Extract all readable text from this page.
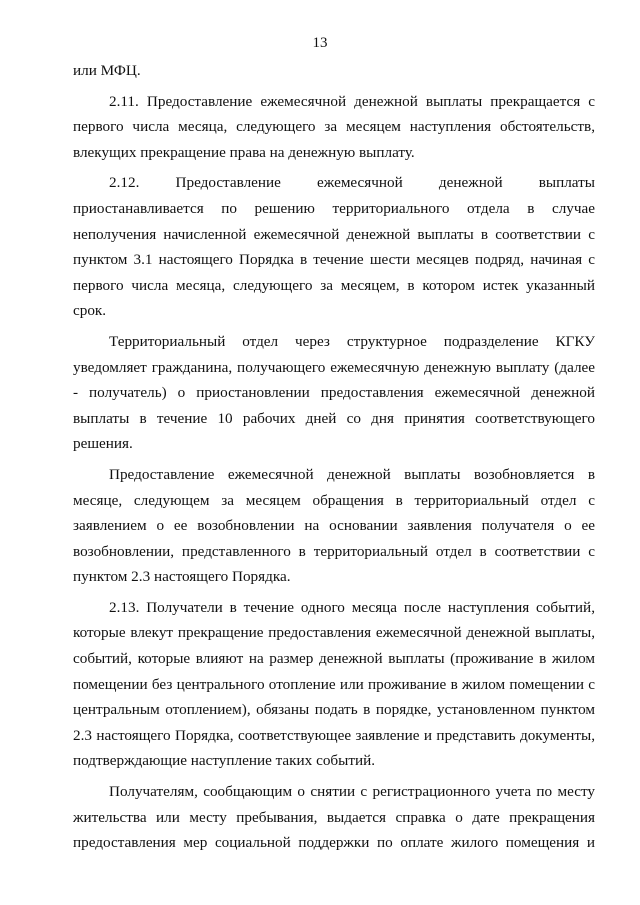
13

или МФЦ.

2.11. Предоставление ежемесячной денежной выплаты прекращается с первого числа месяца, следующего за месяцем наступления обстоятельств, влекущих прекращение права на денежную выплату.

2.12. Предоставление ежемесячной денежной выплаты приостанавливается по решению территориального отдела в случае неполучения начисленной ежемесячной денежной выплаты в соответствии с пунктом 3.1 настоящего Порядка в течение шести месяцев подряд, начиная с первого числа месяца, следующего за месяцем, в котором истек указанный срок.

Территориальный отдел через структурное подразделение КГКУ уведомляет гражданина, получающего ежемесячную денежную выплату (далее - получатель) о приостановлении предоставления ежемесячной денежной выплаты в течение 10 рабочих дней со дня принятия соответствующего решения.

Предоставление ежемесячной денежной выплаты возобновляется в месяце, следующем за месяцем обращения в территориальный отдел с заявлением о ее возобновлении на основании заявления получателя о ее возобновлении, представленного в территориальный отдел в соответствии с пунктом 2.3 настоящего Порядка.

2.13. Получатели в течение одного месяца после наступления событий, которые влекут прекращение предоставления ежемесячной денежной выплаты, событий, которые влияют на размер денежной выплаты (проживание в жилом помещении без центрального отопление или проживание в жилом помещении с центральным отоплением), обязаны подать в порядке, установленном пунктом 2.3 настоящего Порядка, соответствующее заявление и представить документы, подтверждающие наступление таких событий.

Получателям, сообщающим о снятии с регистрационного учета по месту жительства или месту пребывания, выдается справка о дате прекращения предоставления мер социальной поддержки по оплате жилого помещения и
